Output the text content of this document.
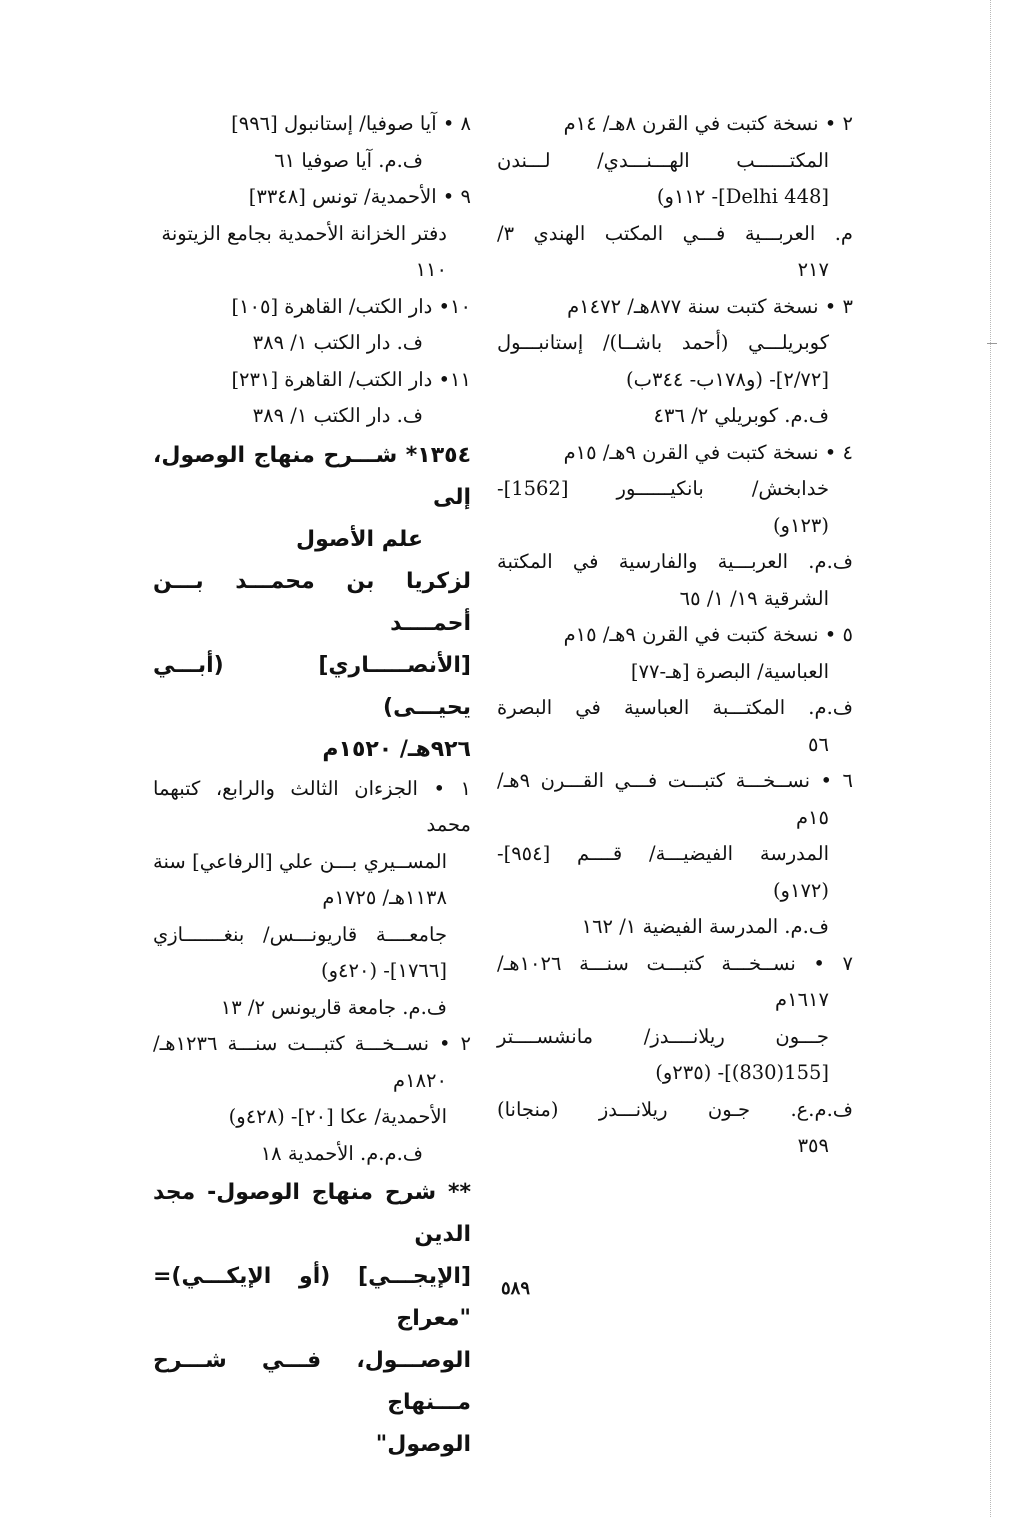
٢ • نسخة كتبت في القرن ٨هـ/ ١٤م
المكتــــــب الهـــنـــدي/ لـــندن
[Delhi 448]- ١١٢و)
م. العربـــية فـــي المكتب الهندي ٣/
٢١٧
٣ • نسخة كتبت سنة ٨٧٧هـ/ ١٤٧٢م
كوبريلـــي (أحمد باشــا)/ إستانبـــول
[٢/٧٢]- (و١٧٨ب- ٣٤٤ب)
ف.م. كوبريلي ٢/ ٤٣٦
٤ • نسخة كتبت في القرن ٩هـ/ ١٥م
خدابخش/ بانكيــــــور [1562]-
(١٢٣و)
ف.م. العربـــية والفارسية في المكتبة
الشرقية ١٩/ ١/ ٦٥
٥ • نسخة كتبت في القرن ٩هـ/ ١٥م
العباسية/ البصرة [هـ-٧٧]
ف.م. المكتـــبة العباسية في البصرة
٥٦
٦ • نســخـــة كتبـــت فـــي القـــرن ٩هـ/
١٥م
المدرسة الفيضيـــة/ قــــم [٩٥٤]-
(١٧٢و)
ف.م. المدرسة الفيضية ١/ ١٦٢
٧ • نســخـــة كتبـــت سنـــة ١٠٢٦هـ/
١٦١٧م
جـــون ريلانــــدز/ مانشســــتر
[155(830)]- (٢٣٥و)
ف.م.ع. جـون ريلانـــدز (منجانا)
٣٥٩
٨ • آيا صوفيا/ إستانبول [٩٩٦]
ف.م. آيا صوفيا ٦١
٩ • الأحمدية/ تونس [٣٣٤٨]
دفتر الخزانة الأحمدية بجامع الزيتونة
١١٠
١٠• دار الكتب/ القاهرة [١٠٥]
ف. دار الكتب ١/ ٣٨٩
١١• دار الكتب/ القاهرة [٢٣١]
ف. دار الكتب ١/ ٣٨٩
١٣٥٤* شـــرح منهاج الوصول، إلى
علم الأصول
لزكريا بن محمـــد بـــن أحمــــد
[الأنصـــــاري] (أبـــي يحيـــى)
٩٢٦هـ/ ١٥٢٠م
١ • الجزءان الثالث والرابع، كتبهما محمد
المســيري بـــن علي [الرفاعي] سنة
١١٣٨هـ/ ١٧٢٥م
جامعــــة قاريونـــس/ بنغـــــــازي
[١٧٦٦]- (٤٢٠و)
ف.م. جامعة قاريونس ٢/ ١٣
٢ • نســخـــة كتبـــت سنـــة ١٢٣٦هـ/
١٨٢٠م
الأحمدية/ عكا [٢٠]- (٤٢٨و)
ف.م.م. الأحمدية ١٨
** شرح منهاج الوصول- مجد الدين
[الإيجـــي] (أو الإيكـــي)= "معراج
الوصـــول، فـــي شـــرح مـــنهاج
الوصول"
٥٨٩
